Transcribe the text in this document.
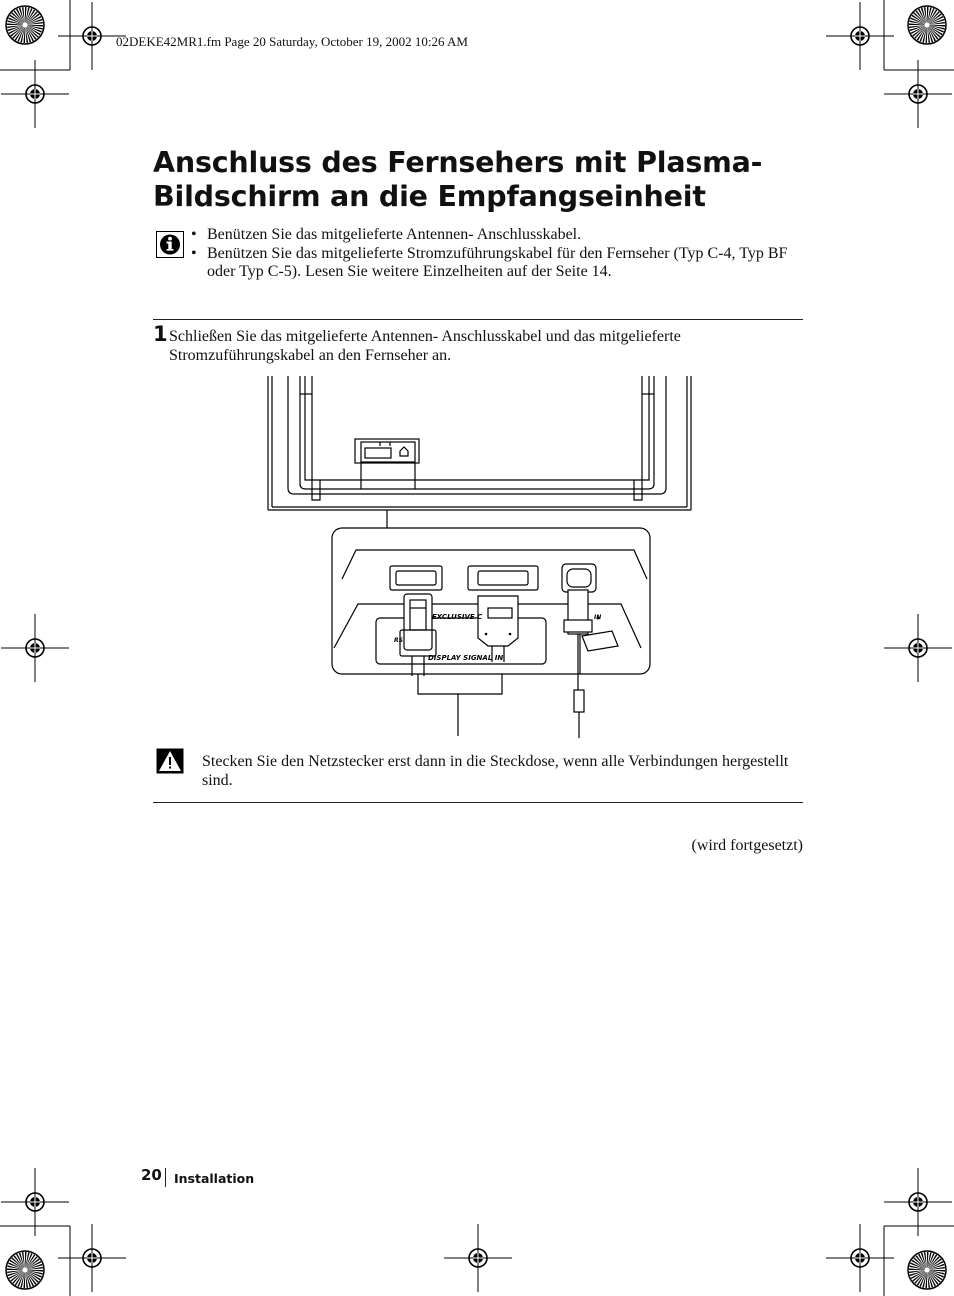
02DEKE42MR1.fm Page 20 Saturday, October 19, 2002 10:26 AM
Anschluss des Fernsehers mit Plasma-
Bildschirm an die Empfangseinheit
• Benützen Sie das mitgelieferte Antennen- Anschlusskabel.
• Benützen Sie das mitgelieferte Stromzuführungskabel für den Fernseher (Typ C-4, Typ BF oder Typ C-5). Lesen Sie weitere Einzelheiten auf der Seite 14.
1 Schließen Sie das mitgelieferte Antennen- Anschlusskabel und das mitgelieferte Stromzuführungskabel an den Fernseher an.
EXCLUSIVE C
DISPLAY SIGNAL IN
IN
RS
Stecken Sie den Netzstecker erst dann in die Steckdose, wenn alle Verbindungen hergestellt sind.
(wird fortgesetzt)
20 Installation
